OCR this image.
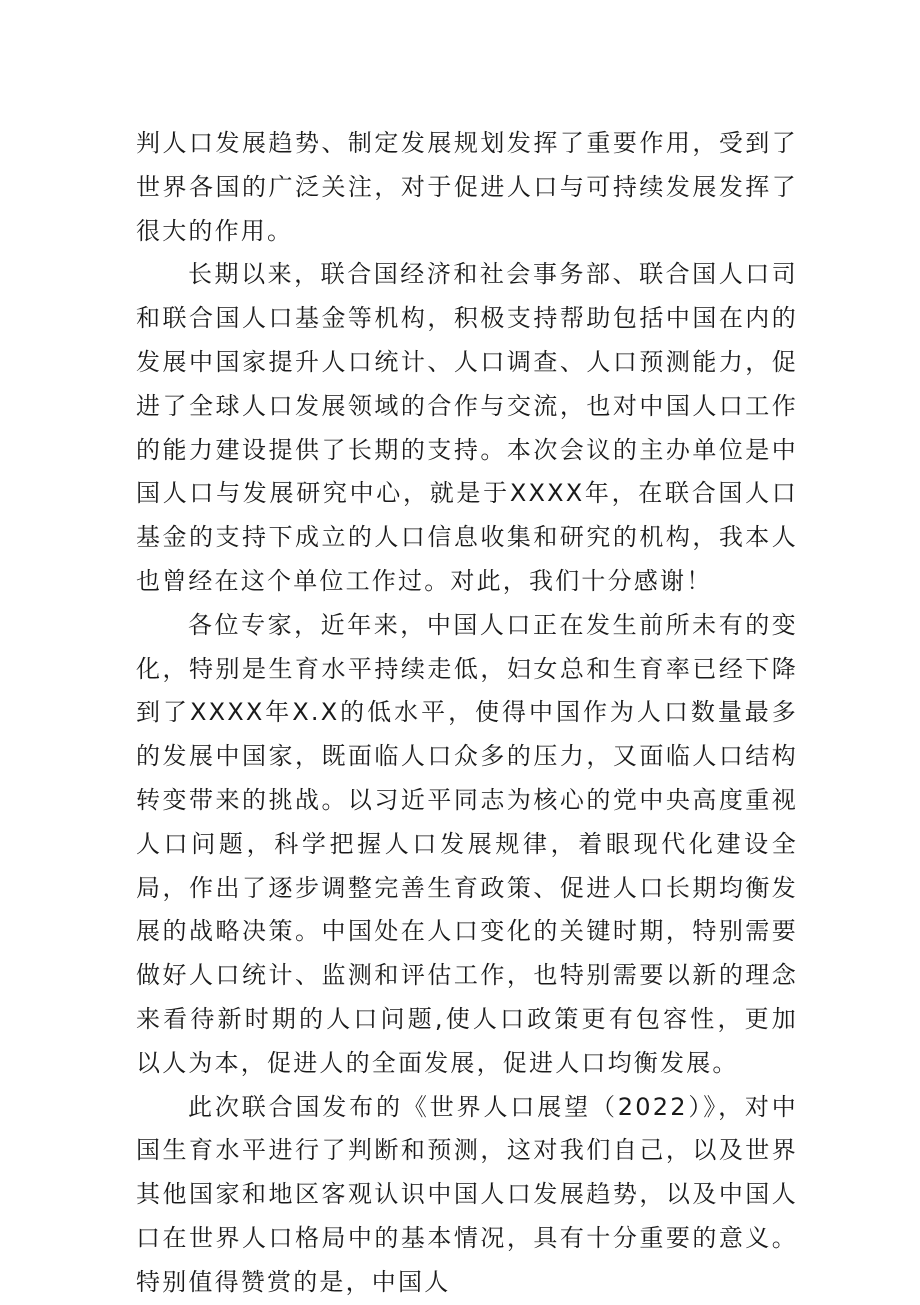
判人口发展趋势、制定发展规划发挥了重要作用，受到了世界各国的广泛关注，对于促进人口与可持续发展发挥了很大的作用。

长期以来，联合国经济和社会事务部、联合国人口司和联合国人口基金等机构，积极支持帮助包括中国在内的发展中国家提升人口统计、人口调查、人口预测能力，促进了全球人口发展领域的合作与交流，也对中国人口工作的能力建设提供了长期的支持。本次会议的主办单位是中国人口与发展研究中心，就是于XXXX年，在联合国人口基金的支持下成立的人口信息收集和研究的机构，我本人也曾经在这个单位工作过。对此，我们十分感谢！

各位专家，近年来，中国人口正在发生前所未有的变化，特别是生育水平持续走低，妇女总和生育率已经下降到了XXXX年X.X的低水平，使得中国作为人口数量最多的发展中国家，既面临人口众多的压力，又面临人口结构转变带来的挑战。以习近平同志为核心的党中央高度重视人口问题，科学把握人口发展规律，着眼现代化建设全局，作出了逐步调整完善生育政策、促进人口长期均衡发展的战略决策。中国处在人口变化的关键时期，特别需要做好人口统计、监测和评估工作，也特别需要以新的理念来看待新时期的人口问题,使人口政策更有包容性，更加以人为本，促进人的全面发展，促进人口均衡发展。

此次联合国发布的《世界人口展望（2022）》，对中国生育水平进行了判断和预测，这对我们自己，以及世界其他国家和地区客观认识中国人口发展趋势，以及中国人口在世界人口格局中的基本情况，具有十分重要的意义。特别值得赞赏的是，中国人
